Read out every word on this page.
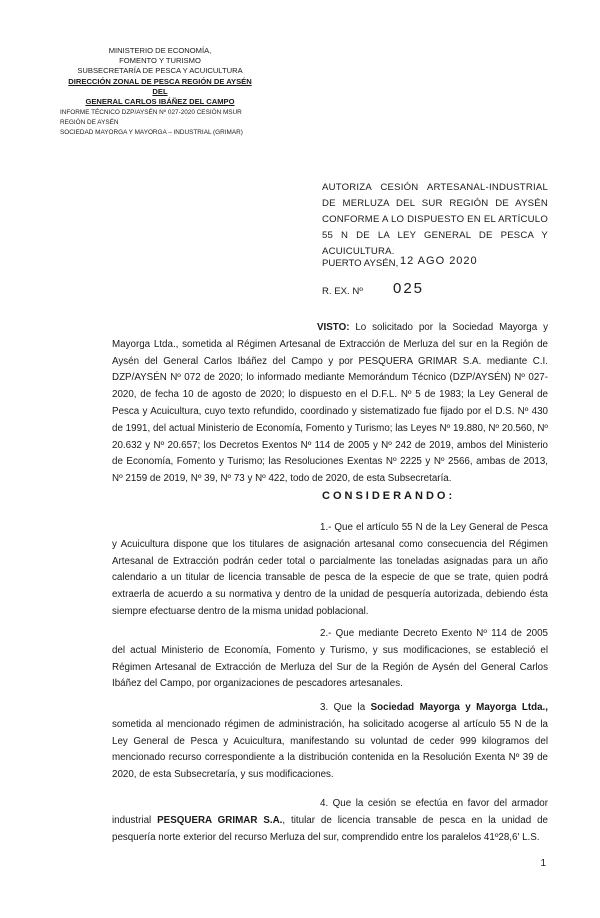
MINISTERIO DE ECONOMÍA,
FOMENTO Y TURISMO
SUBSECRETARÍA DE PESCA Y ACUICULTURA
DIRECCIÓN ZONAL DE PESCA REGIÓN DE AYSÉN DEL
GENERAL CARLOS IBÁÑEZ DEL CAMPO
INFORME TÉCNICO DZP/AYSÉN Nº 027-2020 CESIÓN MSUR
REGIÓN DE AYSÉN
SOCIEDAD MAYORGA Y MAYORGA – INDUSTRIAL (GRIMAR)
AUTORIZA CESIÓN ARTESANAL-INDUSTRIAL DE MERLUZA DEL SUR REGIÓN DE AYSÉN CONFORME A LO DISPUESTO EN EL ARTÍCULO 55 N DE LA LEY GENERAL DE PESCA Y ACUICULTURA.
PUERTO AYSÉN, 12 AGO 2020
R. EX. Nº 025
VISTO: Lo solicitado por la Sociedad Mayorga y Mayorga Ltda., sometida al Régimen Artesanal de Extracción de Merluza del sur en la Región de Aysén del General Carlos Ibáñez del Campo y por PESQUERA GRIMAR S.A. mediante C.I. DZP/AYSÉN Nº 072 de 2020; lo informado mediante Memorándum Técnico (DZP/AYSÉN) Nº 027-2020, de fecha 10 de agosto de 2020; lo dispuesto en el D.F.L. Nº 5 de 1983; la Ley General de Pesca y Acuicultura, cuyo texto refundido, coordinado y sistematizado fue fijado por el D.S. Nº 430 de 1991, del actual Ministerio de Economía, Fomento y Turismo; las Leyes Nº 19.880, Nº 20.560, Nº 20.632 y Nº 20.657; los Decretos Exentos Nº 114 de 2005 y Nº 242 de 2019, ambos del Ministerio de Economía, Fomento y Turismo; las Resoluciones Exentas Nº 2225 y Nº 2566, ambas de 2013, Nº 2159 de 2019, Nº 39, Nº 73 y Nº 422, todo de 2020, de esta Subsecretaría.
CONSIDERANDO:
1.- Que el artículo 55 N de la Ley General de Pesca y Acuicultura dispone que los titulares de asignación artesanal como consecuencia del Régimen Artesanal de Extracción podrán ceder total o parcialmente las toneladas asignadas para un año calendario a un titular de licencia transable de pesca de la especie de que se trate, quien podrá extraerla de acuerdo a su normativa y dentro de la unidad de pesquería autorizada, debiendo ésta siempre efectuarse dentro de la misma unidad poblacional.
2.- Que mediante Decreto Exento Nº 114 de 2005 del actual Ministerio de Economía, Fomento y Turismo, y sus modificaciones, se estableció el Régimen Artesanal de Extracción de Merluza del Sur de la Región de Aysén del General Carlos Ibáñez del Campo, por organizaciones de pescadores artesanales.
3. Que la Sociedad Mayorga y Mayorga Ltda., sometida al mencionado régimen de administración, ha solicitado acogerse al artículo 55 N de la Ley General de Pesca y Acuicultura, manifestando su voluntad de ceder 999 kilogramos del mencionado recurso correspondiente a la distribución contenida en la Resolución Exenta Nº 39 de 2020, de esta Subsecretaría, y sus modificaciones.
4. Que la cesión se efectúa en favor del armador industrial PESQUERA GRIMAR S.A., titular de licencia transable de pesca en la unidad de pesquería norte exterior del recurso Merluza del sur, comprendido entre los paralelos 41º28,6' L.S.
1
